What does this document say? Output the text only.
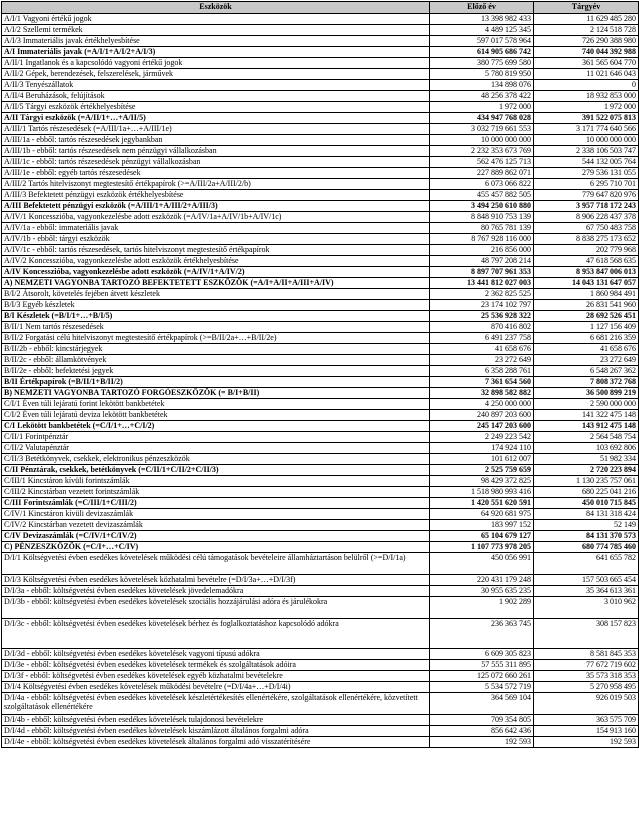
Eszközök	Előző év	Tárgyév
A/I/1 Vagyoni értékű jogok	13 398 982 433	11 629 485 280
A/I/2 Szellemi termékek	4 489 125 345	2 124 518 728
A/I/3 Immateriális javak értékhelyesbítése	597 017 578 964	726 290 388 980
A/I Immateriális javak (=A/I/1+A/I/2+A/I/3)	614 905 686 742	740 044 392 988
A/II/1 Ingatlanok és a kapcsolódó vagyoni értékű jogok	380 775 699 580	361 565 604 770
A/II/2 Gépek, berendezések, felszerelések, járművek	5 780 819 950	11 021 646 043
A/II/3 Tenyészállatok	134 898 076	0
A/II/4 Beruházások, felújítások	48 256 378 422	18 932 853 000
A/II/5 Tárgyi eszközök értékhelyesbítése	1 972 000	1 972 000
A/II Tárgyi eszközök (=A/II/1+…+A/II/5)	434 947 768 028	391 522 075 813
A/III/1 Tartós részesedések (=A/III/1a+…+A/III/1e)	3 032 719 661 553	3 171 774 640 566
A/III/1a - ebből: tartós részesedések jegybankban	10 000 000 000	10 000 000 000
A/III/1b - ebből: tartós részesedések nem pénzügyi vállalkozásban	2 232 353 673 769	2 338 106 503 747
A/III/1c - ebből: tartós részesedések pénzügyi vállalkozásban	562 476 125 713	544 132 005 764
A/III/1e - ebből: egyéb tartós részesedések	227 889 862 071	279 536 131 055
A/III/2 Tartós hitelviszonyt megtestesítő értékpapírok (>=A/III/2a+A/III/2/b)	6 073 066 822	6 295 710 701
A/III/3 Befektetett pénzügyi eszközök értékhelyesbítése	455 457 882 505	779 647 820 976
A/III Befektetett pénzügyi eszközök (=A/III/1+A/III/2+A/III/3)	3 494 250 610 880	3 957 718 172 243
A/IV/1 Koncesszióba, vagyonkezelésbe adott eszközök (=A/IV/1a+A/IV/1b+A/IV/1c)	8 848 910 753 139	8 906 228 437 378
A/IV/1a - ebből: immateriális javak	80 765 781 139	67 750 483 758
A/IV/1b - ebből: tárgyi eszközök	8 767 928 116 000	8 838 275 173 652
A/IV/1c - ebből: tartós részesedések, tartós hitelviszonyt megtestesítő értékpapírok	216 856 000	202 779 968
A/IV/2 Koncesszióba, vagyonkezelésbe adott eszközök értékhelyesbítése	48 797 208 214	47 618 568 635
A/IV Koncesszióba, vagyonkezelésbe adott eszközök (=A/IV/1+A/IV/2)	8 897 707 961 353	8 953 847 006 013
A) NEMZETI VAGYONBA TARTOZÓ BEFEKTETETT ESZKÖZÖK (=A/I+A/II+A/III+A/IV)	13 441 812 027 003	14 043 131 647 057
B/I/2 Átsorolt, követelés fejében átvett készletek	2 362 825 525	1 860 984 491
B/I/3 Egyéb készletek	23 174 102 797	26 831 541 960
B/I Készletek (=B/I/1+…+B/I/5)	25 536 928 322	28 692 526 451
B/II/1 Nem tartós részesedések	870 416 802	1 127 156 409
B/II/2 Forgatási célú hitelviszonyt megtestesítő értékpapírok (>=B/II/2a+…+B/II/2e)	6 491 237 758	6 681 216 359
B/II/2b - ebből: kincstárjegyek	41 658 676	41 658 676
B/II/2c - ebből: államkötvények	23 272 649	23 272 649
B/II/2e - ebből: befektetési jegyek	6 358 288 761	6 548 267 362
B/II Értékpapírok (=B/II/1+B/II/2)	7 361 654 560	7 808 372 768
B) NEMZETI VAGYONBA TARTOZÓ FORGÓESZKÖZÖK (= B/I+B/II)	32 898 582 882	36 500 899 219
C/I/1 Éven túli lejáratú forint lekötött bankbetétek	4 250 000 000	2 590 000 000
C/I/2 Éven túli lejáratú deviza lekötött bankbetétek	240 897 203 600	141 322 475 148
C/I Lekötött bankbetétek (=C/I/1+…+C/I/2)	245 147 203 600	143 912 475 148
C/II/1 Forintpénztár	2 249 223 542	2 564 548 754
C/II/2 Valutapénztár	174 924 110	103 692 806
C/II/3 Betétkönyvek, csekkek, elektronikus pénzeszközök	101 612 007	51 982 334
C/II Pénztárak, csekkek, betétkönyvek (=C/II/1+C/II/2+C/II/3)	2 525 759 659	2 720 223 894
C/III/1 Kincstáron kívüli forintszámlák	98 429 372 825	1 130 235 757 061
C/III/2 Kincstárban vezetett forintszámlák	1 518 980 993 416	680 225 041 216
C/III Forintszámlák (=C/III/1+C/III/2)	1 420 551 620 591	450 010 715 845
C/IV/1 Kincstáron kívüli devizaszámlák	64 920 681 975	84 131 318 424
C/IV/2 Kincstárban vezetett devizaszámlák	183 997 152	52 149
C/IV Devizaszámlák (=C/IV/1+C/IV/2)	65 104 679 127	84 131 370 573
C) PÉNZESZKÖZÖK (=C/I+…+C/IV)	1 107 773 978 205	680 774 785 460
D/I/1 Költségvetési évben esedékes követelések működési célú támogatások bevételeire államháztartáson belülről (>=D/I/1a)	450 056 991	641 655 782
D/I/3 Költségvetési évben esedékes követelések közhatalmi bevételre (=D/I/3a+…+D/I/3f)	220 431 179 248	157 503 665 454
D/I/3a - ebből: költségvetési évben esedékes követelések jövedelemadókra	30 955 635 235	35 364 613 361
D/I/3b - ebből: költségvetési évben esedékes követelések szociális hozzájárulási adóra és járulékokra	1 902 289	3 010 962
D/I/3c - ebből: költségvetési évben esedékes követelések bérhez és foglalkoztatáshoz kapcsolódó adókra	236 363 745	308 157 823
D/I/3d - ebből: költségvetési évben esedékes követelések vagyoni típusú adókra	6 609 305 823	8 581 845 353
D/I/3e - ebből: költségvetési évben esedékes követelések termékek és szolgáltatások adóira	57 555 311 895	77 672 719 602
D/I/3f - ebből: költségvetési évben esedékes követelések egyéb közhatalmi bevételekre	125 072 660 261	35 573 318 353
D/I/4 Költségvetési évben esedékes követelések működési bevételre (=D/I/4a+…+D/I/4i)	5 534 572 719	5 270 958 495
D/I/4a - ebből: költségvetési évben esedékes követelések készletértékesítés ellenértékére, szolgáltatások ellenértékére, közvetített szolgáltatások ellenértékére	364 569 104	926 019 503
D/I/4b - ebből: költségvetési évben esedékes követelések tulajdonosi bevételekre	709 354 805	363 575 709
D/I/4d - ebből: költségvetési évben esedékes követelések kiszámlázott általános forgalmi adóra	856 642 436	154 913 160
D/I/4e - ebből: költségvetési évben esedékes követelések általános forgalmi adó visszatérítésére	192 593	192 593
